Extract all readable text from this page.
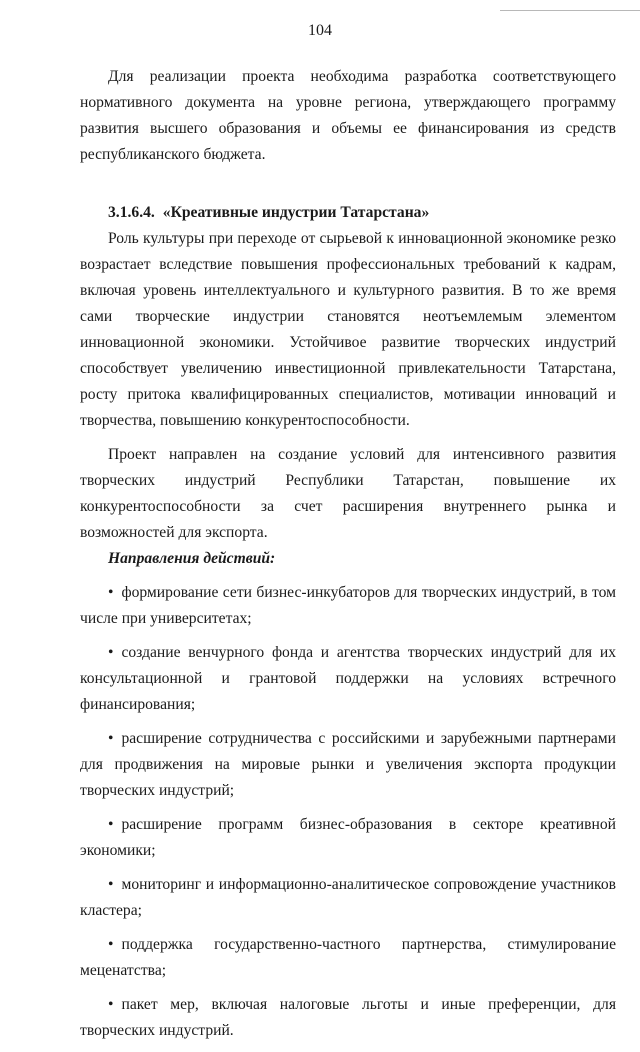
104

Для реализации проекта необходима разработка соответствующего нормативного документа на уровне региона, утверждающего программу развития высшего образования и объемы ее финансирования из средств республиканского бюджета.

3.1.6.4. «Креативные индустрии Татарстана»

Роль культуры при переходе от сырьевой к инновационной экономике резко возрастает вследствие повышения профессиональных требований к кадрам, включая уровень интеллектуального и культурного развития. В то же время сами творческие индустрии становятся неотъемлемым элементом инновационной экономики. Устойчивое развитие творческих индустрий способствует увеличению инвестиционной привлекательности Татарстана, росту притока квалифицированных специалистов, мотивации инноваций и творчества, повышению конкурентоспособности.

Проект направлен на создание условий для интенсивного развития творческих индустрий Республики Татарстан, повышение их конкурентоспособности за счет расширения внутреннего рынка и возможностей для экспорта.

Направления действий:

• формирование сети бизнес-инкубаторов для творческих индустрий, в том числе при университетах;
• создание венчурного фонда и агентства творческих индустрий для их консультационной и грантовой поддержки на условиях встречного финансирования;
• расширение сотрудничества с российскими и зарубежными партнерами для продвижения на мировые рынки и увеличения экспорта продукции творческих индустрий;
• расширение программ бизнес-образования в секторе креативной экономики;
• мониторинг и информационно-аналитическое сопровождение участников кластера;
• поддержка государственно-частного партнерства, стимулирование меценатства;
• пакет мер, включая налоговые льготы и иные преференции, для творческих индустрий.
